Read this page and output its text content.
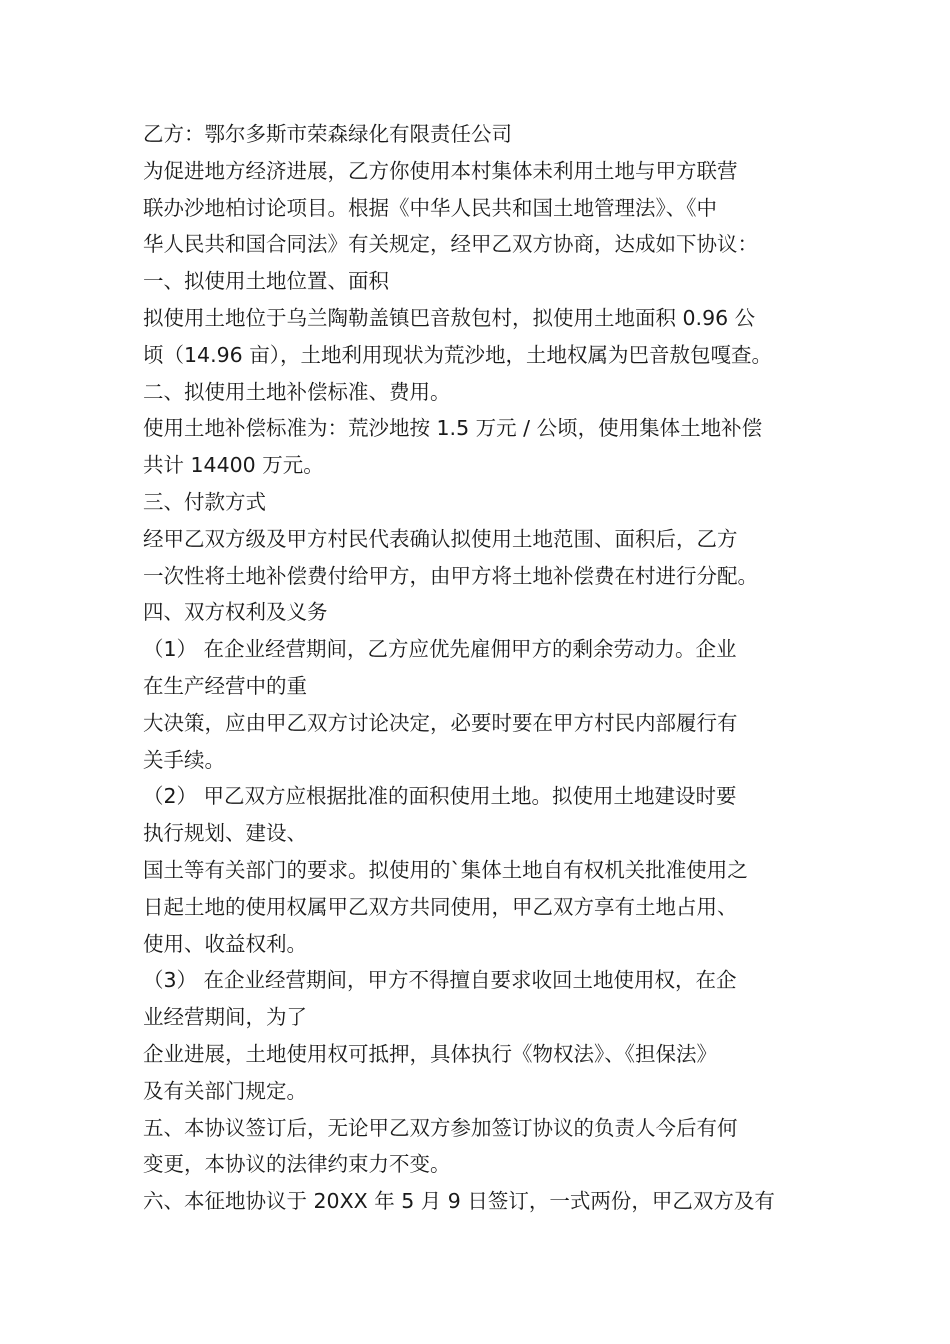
乙方：鄂尔多斯市荣森绿化有限责任公司
为促进地方经济进展，乙方你使用本村集体未利用土地与甲方联营
联办沙地柏讨论项目。根据《中华人民共和国土地管理法》、《中
华人民共和国合同法》有关规定，经甲乙双方协商，达成如下协议：
一、拟使用土地位置、面积
拟使用土地位于乌兰陶勒盖镇巴音敖包村，拟使用土地面积 0.96 公
顷（14.96 亩），土地利用现状为荒沙地，土地权属为巴音敖包嘎查。
二、拟使用土地补偿标准、费用。
使用土地补偿标准为：荒沙地按 1.5 万元 / 公顷，使用集体土地补偿
共计 14400 万元。
三、付款方式
经甲乙双方级及甲方村民代表确认拟使用土地范围、面积后，乙方
一次性将土地补偿费付给甲方，由甲方将土地补偿费在村进行分配。
四、双方权利及义务
（1） 在企业经营期间，乙方应优先雇佣甲方的剩余劳动力。企业
在生产经营中的重
大决策，应由甲乙双方讨论决定，必要时要在甲方村民内部履行有
关手续。
（2） 甲乙双方应根据批准的面积使用土地。拟使用土地建设时要
执行规划、建设、
国土等有关部门的要求。拟使用的`集体土地自有权机关批准使用之
日起土地的使用权属甲乙双方共同使用，甲乙双方享有土地占用、
使用、收益权利。
（3） 在企业经营期间，甲方不得擅自要求收回土地使用权，在企
业经营期间，为了
企业进展，土地使用权可抵押，具体执行《物权法》、《担保法》
及有关部门规定。
五、本协议签订后，无论甲乙双方参加签订协议的负责人今后有何
变更，本协议的法律约束力不变。
六、本征地协议于 20XX 年 5 月 9 日签订，一式两份，甲乙双方及有
